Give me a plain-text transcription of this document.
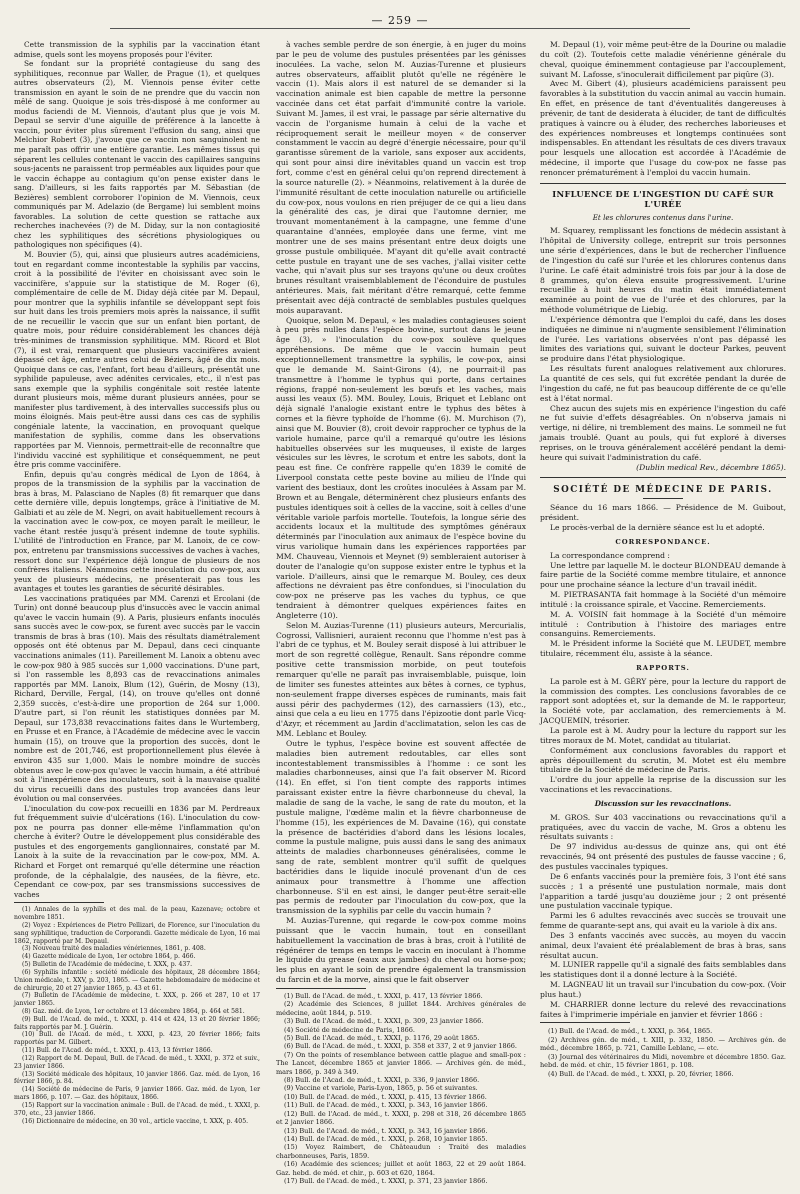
— 259 —

Cette transmission de la syphilis par la vaccination étant admise, quels sont les moyens proposés pour l'éviter.

Se fondant sur la propriété contagieuse du sang des syphilitiques, reconnue par Waller, de Prague (1), et quelques autres observateurs (2), M. Viennois pense éviter cette transmission en ayant le soin de ne prendre que du vaccin non mêlé de sang. Quoique je sois très-disposé à me conformer au modus faciendi de M. Viennois, d'autant plus que je vois M. Depaul se servir d'une aiguille de préférence à la lancette à vaccin, pour éviter plus sûrement l'effusion du sang, ainsi que Melchior Robert (3), j'avoue que ce vaccin non sanguinolent ne me paraît pas offrir une entière garantie. Les mêmes tissus qui séparent les cellules contenant le vaccin des capillaires sanguins sous-jacents ne paraissent trop perméables aux liquides pour que le vaccin échappe au contagium qu'on pense exister dans le sang. D'ailleurs, si les faits rapportés par M. Sébastian (de Bezières) semblent corroborer l'opinion de M. Viennois, ceux communiqués par M. Adelazio (de Bergame) lui semblent moins favorables. La solution de cette question se rattache aux recherches inachevées (?) de M. Diday, sur la non contagiosité chez les syphilitiques des sécrétions physiologiques ou pathologiques non spécifiques (4).

M. Bouvier (5), qui, ainsi que plusieurs autres académiciens, tout en regardant comme incontestable la syphilis par vaccins, croit à la possibilité de l'éviter en choisissant avec soin le vaccinifère, s'appuie sur la statistique de M. Roger (6), complémentaire de celle de M. Diday déjà citée par M. Depaul, pour montrer que la syphilis infantile se développant sept fois sur huit dans les trois premiers mois après la naissance, il suffit de ne recueillir le vaccin que sur un enfant bien portant, de quatre mois, pour réduire considérablement les chances déjà très-minimes de transmission syphilitique. MM. Ricord et Blot (7), il est vrai, remarquent que plusieurs vaccinifères avaient dépassé cet âge, entre autres celui de Béziers, âgé de dix mois. Quoique dans ce cas, l'enfant, fort beau d'ailleurs, présentât une syphilide papuleuse, avec adénites cervicales, etc., il n'est pas sans exemple que la syphilis congénitale soit restée latente durant plusieurs mois, même durant plusieurs années, pour se manifester plus tardivement, à des intervalles successifs plus ou moins éloignés. Mais peut-être aussi dans ces cas de syphilis congéniale latente, la vaccination, en provoquant quelque manifestation de syphilis, comme dans les observations rapportées par M. Viennois, permettrait-elle de reconnaître que l'individu vacciné est syphilitique et conséquemment, ne peut être pris comme vaccinifère.

Enfin, depuis qu'au congrès médical de Lyon de 1864, à propos de la transmission de la syphilis par la vaccination de bras à bras, M. Palasciano de Naples (8) fit remarquer que dans cette dernière ville, depuis longtemps, grâce à l'initiative de M. Galbiati et au zèle de M. Negri, on avait habituellement recours à la vaccination avec le cow-pox, ce moyen paraît le meilleur, le vache étant restée jusqu'à présent indemne de toute syphilis. L'utilité de l'introduction en France, par M. Lanoix, de ce cow-pox, entretenu par transmissions successives de vaches à vaches, ressort donc sur l'expérience déjà longue de plusieurs de nos confrères italiens. Néanmoins cette inoculation du cow-pox, aux yeux de plusieurs médecins, ne présenterait pas tous les avantages et toutes les garanties de sécurité désirables.

Les vaccinations pratiquées par MM. Carenzi et Ercolani (de Turin) ont donné beaucoup plus d'insuccès avec le vaccin animal qu'avec le vaccin humain (9). A Paris, plusieurs enfants inoculés sans succès avec le cow-pox, se furent avec succès par le vaccin transmis de bras à bras (10). Mais des résultats diamétralement opposés ont été obtenus par M. Depaul, dans ceci cinquante vaccinations animales (11). Pareillement M. Lanoix a obtenu avec le cow-pox 980 à 985 succès sur 1,000 vaccinations. D'une part, si l'on rassemble les 8,893 cas de revaccinations animales rapportés par MM. Lanoix, Blum (12), Guérin, de Mosny (13), Richard, Derville, Fergal, (14), on trouve qu'elles ont donné 2,359 succès, c'est-à-dire une proportion de 264 sur 1,000. D'autre part, si l'on réunit les statistiques données par M. Depaul, sur 173,838 revaccinations faites dans le Wurtemberg, en Prusse et en France, à l'Académie de médecine avec le vaccin humain (15), on trouve que la proportion des succès, dont le nombre est de 201,746, est proportionnellement plus élevée à environ 435 sur 1,000. Mais le nombre moindre de succès obtenus avec le cow-pox qu'avec le vaccin humain, a été attribué soit à l'inexpérience des inoculateurs, soit à la mauvaise qualité du virus recueilli dans des pustules trop avancées dans leur évolution ou mal conservées.

L'inoculation du cow-pox recueilli en 1836 par M. Perdreaux fut fréquemment suivie d'ulcérations (16). L'inoculation du cow-pox ne pourra pas donner elle-même l'inflammation qu'on cherche à éviter? Outre le développement plus considérable des pustules et des engorgements ganglionnaires, constaté par M. Lanoix à la suite de la revaccination par le cow-pox, MM. A. Richard et Forget ont remarqué qu'elle détermine une réaction profonde, de la céphalalgie, des nausées, de la fièvre, etc. Cependant ce cow-pox, par ses transmissions successives de vaches

(1) Annales de la syphilis et des mal. de la peau, Kazenave; octobre et novembre 1851.

(2) Voyez : Expériences de Pietro Pellizari, de Florence, sur l'inoculation du sang syphilitique, traduction de Corporandi. Gazette médicale de Lyon, 16 mai 1862, rapporté par M. Depaul.

(3) Nouveau traité des maladies vénériennes, 1861, p. 408.

(4) Gazette médicale de Lyon, 1er octobre 1864, p. 466.

(5) Bulletin de l'Académie de médecine, t. XXX, p. 437.

(6) Syphilis infantile : société médicale des hôpitaux, 28 décembre 1864; Union médicale, t. XXV, p. 203, 1865. — Gazette hebdomadaire de médecine et de chirurgie, 20 et 27 janvier 1865, p. 43 et 61.

(7) Bulletin de l'Académie de médecine, t. XXX, p. 266 et 287, 10 et 17 janvier 1865.

(8) Gaz. méd. de Lyon, 1er octobre et 13 décembre 1864, p. 464 et 581.

(9) Bull. de l'Acad. de méd., t. XXXI, p. 414 et 424, 13 et 20 février 1866; faits rapportés par M. J. Guérin.

(10) Bull. de l'Acad. de méd., t. XXXI, p. 423, 20 février 1866; faits rapportés par M. Gilbert.

(11) Bull. de l'Acad. de méd., t. XXXI, p. 413, 13 février 1866.

(12) Rapport de M. Depaul, Bull. de l'Acad. de méd., t. XXXI, p. 372 et suiv., 23 janvier 1866.

(13) Société médicale des hôpitaux, 10 janvier 1866. Gaz. méd. de Lyon, 16 février 1866, p. 84.

(14) Société de médecine de Paris, 9 janvier 1866. Gaz. méd. de Lyon, 1er mars 1866, p. 107. — Gaz. des hôpitaux, 1866.

(15) Rapport sur la vaccination animale : Bull. de l'Acad. de méd., t. XXXI, p. 370, etc., 23 janvier 1866.

(16) Dictionnaire de médecine, en 30 vol., article vaccine, t. XXX, p. 405.

à vaches semble perdre de son énergie, à en juger du moins par le peu de volume des pustules présentées par les génisses inoculées. La vache, selon M. Auzias-Turenne et plusieurs autres observateurs, affaiblit plutôt qu'elle ne régénère le vaccin (1). Mais alors il est naturel de se demander si la vaccination animale est bien capable de mettre la personne vaccinée dans cet état parfait d'immunité contre la variole. Suivant M. James, il est vrai, le passage par série alternative du vaccin de l'organisme humain à celui de la vache et réciproquement serait le meilleur moyen « de conserver constamment le vaccin au degré d'énergie nécessaire, pour qu'il garantisse sûrement de la variole, sans exposer aux accidents, qui sont pour ainsi dire inévitables quand un vaccin est trop fort, comme c'est en général celui qu'on reprend directement à la source naturelle (2). » Néanmoins, relativement à la durée de l'immunité résultant de cette inoculation naturelle ou artificielle du cow-pox, nous voulons en rien préjuger de ce qui a lieu dans la généralité des cas, je dirai que l'automne dernier, me trouvant momentanément à la campagne, une femme d'une quarantaine d'années, employée dans une ferme, vint me montrer une de ses mains présentant entre deux doigts une grosse pustule ombiliquée. M'ayant dit qu'elle avait contracté cette pustule en trayant une de ses vaches, j'allai visiter cette vache, qui n'avait plus sur ses trayons qu'une ou deux croûtes brunes résultant vraisemblablement de l'éconduire de pustules antérieures. Mais, fait méritant d'être remarqué, cette femme présentait avec déjà contracté de semblables pustules quelques mois auparavant.

Quoique, selon M. Depaul, « les maladies contagieuses soient à peu près nulles dans l'espèce bovine, surtout dans le jeune âge (3), » l'inoculation du cow-pox soulève quelques appréhensions. De même que le vaccin humain peut exceptionnellement transmettre la syphilis, le cow-pox, ainsi que le demande M. Saint-Girons (4), ne pourrait-il pas transmettre à l'homme le typhus qui porte, dans certaines régions, frappé non-seulement les bœufs et les vaches, mais aussi les veaux (5). MM. Bouley, Louis, Briquet et Leblanc ont déjà signalé l'analogie existant entre le typhus des bêtes à cornes et la fièvre typhoïde de l'homme (6). M. Murchison (7), ainsi que M. Bouvier (8), croit devoir rapprocher ce typhus de la variole humaine, parce qu'il a remarqué qu'outre les lésions habituelles observées sur les muqueuses, il existe de larges vésicules sur les lèvres, le scrotum et entre les sabots, dont la peau est fine. Ce confrère rappelle qu'en 1839 le comité de Liverpool constata cette peste bovine au milieu de l'Inde qui varient des bestiaux, dont les croûtes inoculées à Assam par M. Brown et au Bengale, déterminèrent chez plusieurs enfants des pustules identiques soit à celles de la vaccine, soit à celles d'une véritable variole parfois mortelle. Toutefois, la longue série des accidents locaux et la multitude des symptômes généraux déterminés par l'inoculation aux animaux de l'espèce bovine du virus variolique humain dans les expériences rapportées par MM. Chauveau, Viennois et Meynet (9) sembleraient autoriser à douter de l'analogie qu'on suppose exister entre le typhus et la variole. D'ailleurs, ainsi que le remarque M. Bouley, ces deux affections ne dévraient pas être confondues, si l'inoculation du cow-pox ne préserve pas les vaches du typhus, ce que tendraient à démontrer quelques expériences faites en Angleterre (10).

Selon M. Auzias-Turenne (11) plusieurs auteurs, Mercurialis, Cogrossi, Vallisnieri, auraient reconnu que l'homme n'est pas à l'abri de ce typhus, et M. Bouley serait disposé à lui attribuer le mort de son regretté collègue, Renault. Sans répondre comme positive cette transmission morbide, on peut toutefois remarquer qu'elle ne paraît pas invraisemblable, puisque, loin de limiter ses funestes atteintes aux bêtes à cornes, ce typhus, non-seulement frappe diverses espèces de ruminants, mais fait aussi périr des pachydermes (12), des carnassiers (13), etc., ainsi que cela a eu lieu en 1775 dans l'épizootie dont parle Vicq-d'Azyr, et récemment au Jardin d'acclimatation, selon les cas de MM. Leblanc et Bouley.

Outre le typhus, l'espèce bovine est souvent affectée de maladies bien autrement redoutables, car elles sont incontestablement transmissibles à l'homme : ce sont les maladies charbonneuses, ainsi que l'a fait observer M. Ricord (14). En effet, si l'on tient compte des rapports intimes paraissant exister entre la fièvre charbonneuse du cheval, la maladie de sang de la vache, le sang de rate du mouton, et la pustule maligne, l'œdème malin et la fièvre charbonneuse de l'homme (15), les expériences de M. Davaine (16), qui constate la présence de bactéridies d'abord dans les lésions locales, comme la pustule maligne, puis aussi dans le sang des animaux atteints de maladies charbonneuses généralisées, comme le sang de rate, semblent montrer qu'il suffit de quelques bactéridies dans le liquide inoculé provenant d'un de ces animaux pour transmettre à l'homme une affection charbonneuse. S'il en est ainsi, le danger peut-être serait-elle pas permis de redouter par l'inoculation du cow-pox, que la transmission de la syphilis par celle du vaccin humain ?

M. Auzias-Turenne, qui regarde le cow-pox comme moins puissant que le vaccin humain, tout en conseillant habituellement la vaccination de bras à bras, croit à l'utilité de régénérer de temps en temps le vaccin en inoculant à l'homme le liquide du grease (eaux aux jambes) du cheval ou horse-pox; les plus en ayant le soin de prendre également la transmission du farcin et de la morve, ainsi que le fait observer

(1) Bull. de l'Acad. de méd., t. XXXI, p. 417, 13 février 1866.

(2) Académie des Sciences, 8 juillet 1844. Archives générales de médecine, août 1844, p. 519.

(3) Bull. de l'Acad. de méd., t. XXXI, p. 309, 23 janvier 1866.

(4) Société de médecine de Paris, 1866.

(5) Bull. de l'Acad. de méd., t. XXXI, p. 1176, 29 août 1865.

(6) Bull. de l'Acad. de méd., t. XXXI, p. 358 et 337, 2 et 9 janvier 1866.

(7) On the points of resemblance between cattle plague and small-pox : The Lancet, décembre 1865 et janvier 1866. — Archives gén. de méd., mars 1866, p. 349 à 349.

(8) Bull. de l'Acad. de méd., t. XXXI, p. 336, 9 janvier 1866.

(9) Vaccine et variole, Paris-Lyon, 1865, p. 56 et suivantes.

(10) Bull. de l'Acad. de méd., t. XXXI, p. 415, 13 février 1866.

(11) Bull. de l'Acad. de méd., t. XXXI, p. 343, 16 janvier 1866.

(12) Bull. de l'Acad. de méd., t. XXXI, p. 298 et 318, 26 décembre 1865 et 2 janvier 1866.

(13) Bull. de l'Acad. de méd., t. XXXI, p. 343, 16 janvier 1866.

(14) Bull. de l'Acad. de méd., t. XXXI, p. 268, 10 janvier 1865.

(15) Voyez Raimbert, de Châteaudun : Traité des maladies charbonneuses, Paris, 1859.

(16) Académie des sciences; juillet et août 1863, 22 et 29 août 1864. Gaz. hebd. de méd. et chir., p. 603 et 620, 1864.

(17) Bull. de l'Acad. de méd., t. XXXI, p. 371, 23 janvier 1866.

M. Depaul (1), voir même peut-être de la Dourine ou maladie du coït (2). Toutefois cette maladie vénérienne générale du cheval, quoique éminemment contagieuse par l'accouplement, suivant M. Lafosse, s'inoculerait difficilement par piqûre (3).

Avec M. Gibert (4), plusieurs académiciens paraissent peu favorables à la substitution du vaccin animal au vaccin humain. En effet, en présence de tant d'éventualités dangereuses à prévenir, de tant de desiderata à élucider, de tant de difficultés pratiques à vaincre ou à éluder, des recherches laborieuses et des expériences nombreuses et longtemps continuées sont indispensables. En attendant les résultats de ces divers travaux pour lesquels une allocation est accordée à l'Académie de médecine, il importe que l'usage du cow-pox ne fasse pas renoncer prématurément à l'emploi du vaccin humain.

INFLUENCE DE L'INGESTION DU CAFÉ SUR L'URÉE
Et les chlorures contenus dans l'urine.

M. Squarey, remplissant les fonctions de médecin assistant à l'hôpital de University college, entreprit sur trois personnes une série d'expériences, dans le but de rechercher l'influence de l'ingestion du café sur l'urée et les chlorures contenus dans l'urine. Le café était administré trois fois par jour à la dose de 8 grammes, qu'on éleva ensuite progressivement. L'urine recueillie à huit heures du matin était immédiatement examinée au point de vue de l'urée et des chlorures, par la méthode volumétrique de Liebig.

L'expérience démontra que l'emploi du café, dans les doses indiquées ne diminue ni n'augmente sensiblement l'élimination de l'urée. Les variations observées n'ont pas dépassé les limites des variations qui, suivant le docteur Parkes, peuvent se produire dans l'état physiologique.

Les résultats furent analogues relativement aux chlorures. La quantité de ces sels, qui fut excrétée pendant la durée de l'ingestion du café, ne fut pas beaucoup différente de ce qu'elle est à l'état normal.

Chez aucun des sujets mis en expérience l'ingestion du café ne fut suivie d'effets désagréables. On n'observa jamais ni vertige, ni délire, ni tremblement des mains. Le sommeil ne fut jamais troublé. Quant au pouls, qui fut exploré à diverses reprises, on le trouva généralement accéléré pendant la demi-heure qui suivait l'administration du café.

(Dublin medical Rev., décembre 1865).

SOCIÉTÉ DE MÉDECINE DE PARIS.

Séance du 16 mars 1866. — Présidence de M. Guibout, président.

Le procès-verbal de la dernière séance est lu et adopté.

CORRESPONDANCE.

La correspondance comprend :

Une lettre par laquelle M. le docteur BLONDEAU demande à faire partie de la Société comme membre titulaire, et annonce pour une prochaine séance la lecture d'un travail inédit.

M. PIETRASANTA fait hommage à la Société d'un mémoire intitulé : la croissance spirale, et Vaccine. Remerciements.

M. A. VOISIN fait hommage à la Société d'un mémoire intitulé : Contribution à l'histoire des mariages entre consanguins. Remerciements.

M. le Président informe la Société que M. LEUDET, membre titulaire, récemment élu, assiste à la séance.

RAPPORTS.

La parole est à M. GÉRY père, pour la lecture du rapport de la commission des comptes. Les conclusions favorables de ce rapport sont adoptées et, sur la demande de M. le rapporteur, la Société vote, par acclamation, des remerciements à M. JACQUEMIN, trésorier.

La parole est à M. Audry pour la lecture du rapport sur les titres moraux de M. Motet, candidat au titulariat.

Conformément aux conclusions favorables du rapport et après dépouillement du scrutin, M. Motet est élu membre titulaire de la Société de médecine de Paris.

L'ordre du jour appelle la reprise de la discussion sur les vaccinations et les revaccinations.

Discussion sur les revaccinations.

M. GROS. Sur 403 vaccinations ou revaccinations qu'il a pratiquées, avec du vaccin de vache, M. Gros a obtenu les résultats suivants :

De 97 individus au-dessus de quinze ans, qui ont été revaccinés, 94 ont présenté des pustules de fausse vaccine ; 6, des pustules vaccinales typiques.

De 6 enfants vaccinés pour la première fois, 3 l'ont été sans succès ; 1 a présenté une pustulation normale, mais dont l'apparition a tardé jusqu'au douzième jour ; 2 ont présenté une pustulation vaccinale typique.

Parmi les 6 adultes revaccinés avec succès se trouvait une femme de quarante-sept ans, qui avait eu la variole à dix ans.

Des 3 enfants vaccinés avec succès, au moyen du vaccin animal, deux l'avaient été préalablement de bras à bras, sans résultat aucun.

M. LUNIER rappelle qu'il a signalé des faits semblables dans les statistiques dont il a donné lecture à la Société.

M. LAGNEAU lit un travail sur l'incubation du cow-pox. (Voir plus haut.)

M. CHARRIER donne lecture du relevé des revaccinations faites à l'imprimerie impériale en janvier et février 1866 :

(1) Bull. de l'Acad. de méd., t. XXXI, p. 364, 1865.

(2) Archives gén. de méd., t. XIII, p. 332, 1850. — Archives gén. de méd., décembre 1865, p. 721, Camille Leblanc, — etc.

(3) Journal des vétérinaires du Midi, novembre et décembre 1850. Gaz. hebd. de méd. et chir., 15 février 1861, p. 108.

(4) Bull. de l'Acad. de méd., t. XXXI, p. 20, février, 1866.
